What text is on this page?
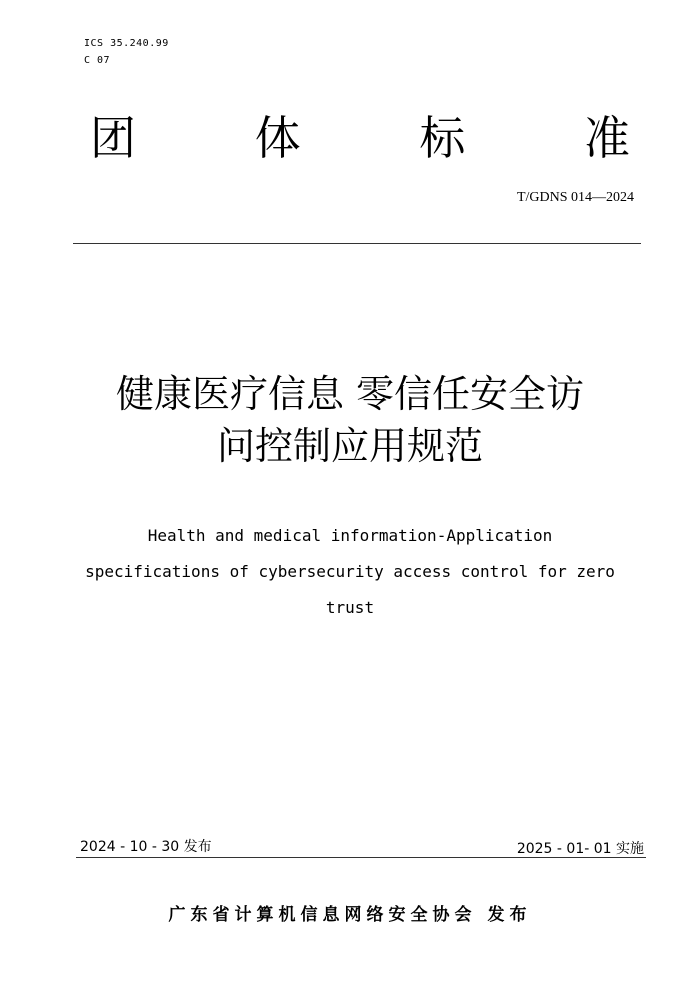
ICS 35.240.99
C 07
团	体	标	准
T/GDNS 014—2024
健康医疗信息 零信任安全访
问控制应用规范
Health and medical information-Application
specifications of cybersecurity access control for zero
trust
2024 - 10 - 30 发布	2025 - 01- 01 实施
广东省计算机信息网络安全协会 发布
